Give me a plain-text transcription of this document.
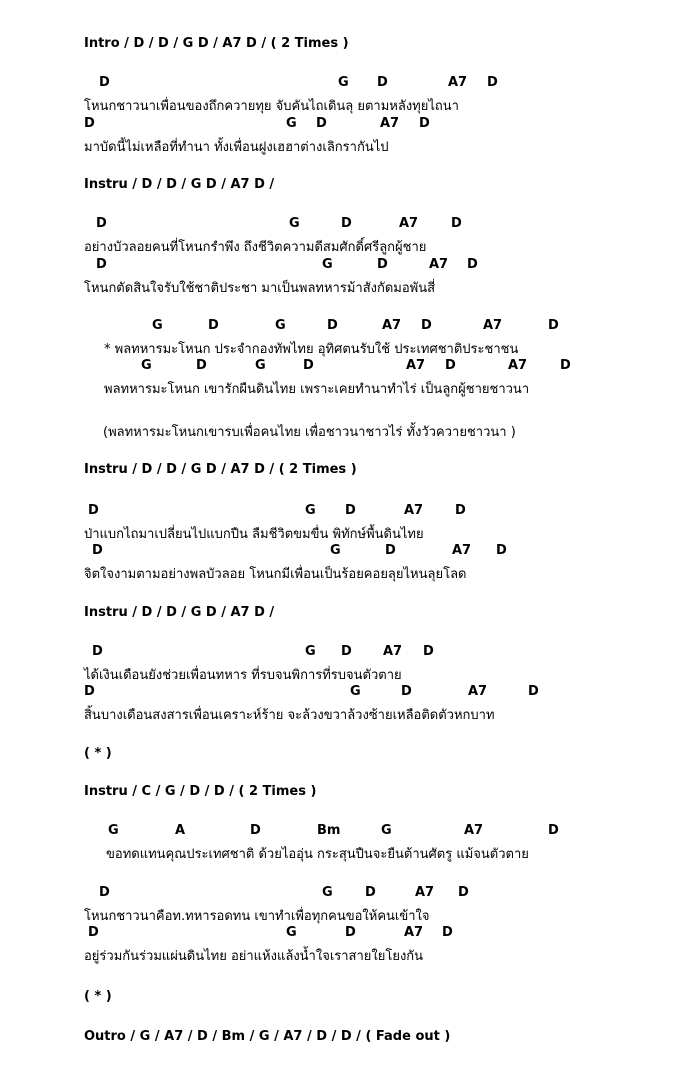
Intro / D / D / G D / A7 D / ( 2 Times )
D	G D	A7 D
โหนกชาวนาเพื่อนของถึกควายทุย จับคันไถเดินลุ ยตามหลังทุยไถนา
D	G D	A7 D
มาบัดนี้ไม่เหลือที่ทำนา ทั้งเพื่อนฝูงเฮฮาต่างเลิกรากันไป
Instru / D / D / G D / A7 D /
D	G	D	A7	D
อย่างบัวลอยคนที่โหนกรำพึง ถึงชีวิตความดีสมศักดิ์ศรีลูกผู้ชาย
D	G	D	A7 D
โหนกตัดสินใจรับใช้ชาติประชา มาเป็นพลทหารม้าสังกัดมอพันสี่
G	D	G	D	A7 D	A7	D
* พลทหารมะโหนก ประจำกองทัพไทย อุทิศตนรับใช้ ประเทศชาติประชาชน
G	D	G	D	A7 D	A7	D
พลทหารมะโหนก เขารักผืนดินไทย เพราะเคยทำนาทำไร่ เป็นลูกผู้ชายชาวนา
(พลทหารมะโหนกเขารบเพื่อคนไทย เพื่อชาวนาชาวไร่ ทั้งวัวควายชาวนา )
Instru / D / D / G D / A7 D / ( 2 Times )
D	G D	A7 D
ป่าแบกไถมาเปลี่ยนไปแบกปืน ลืมชีวิตขมขื่น พิทักษ์พื้นดินไทย
D	G	D	A7 D
จิตใจงามตามอย่างพลบัวลอย โหนกมีเพื่อนเป็นร้อยคอยลุยไหนลุยโลด
Instru / D / D / G D / A7 D /
D	G D A7 D
ได้เงินเดือนยังช่วยเพื่อนทหาร ที่รบจนพิการที่รบจนตัวตาย
D	G	D	A7	D
สิ้นบางเดือนสงสารเพื่อนเคราะห์ร้าย จะล้วงขวาล้วงซ้ายเหลือติดตัวหกบาท
( * )
Instru / C / G / D / D / ( 2 Times )
G	A	D	Bm	G	A7	D
ขอทดแทนคุณประเทศชาติ ด้วยไออุ่น กระสุนปืนจะยืนต้านศัตรู แม้จนตัวตาย
D	G D	A7 D
โหนกชาวนาคือท.ทหารอดทน เขาทำเพื่อทุกคนขอให้คนเข้าใจ
D	G	D	A7 D
อยู่ร่วมกันร่วมแผ่นดินไทย อย่าแห้งแล้งน้ำใจเราสายใยโยงกัน
( * )
Outro / G / A7 / D / Bm / G / A7 / D / D / ( Fade out )
